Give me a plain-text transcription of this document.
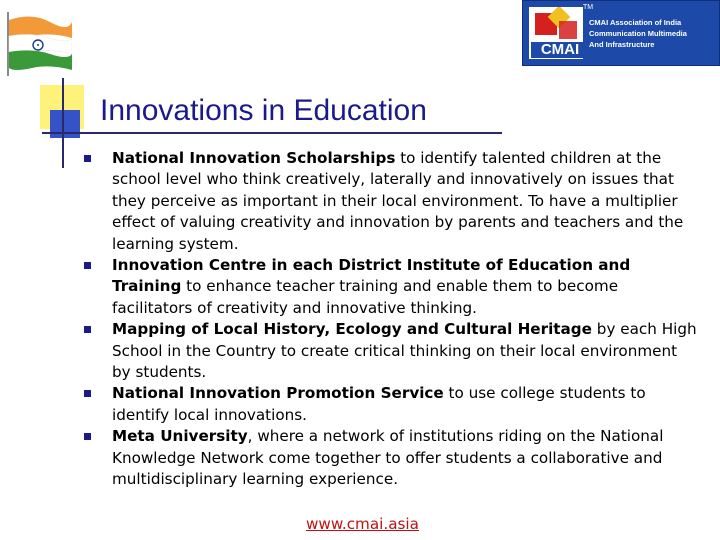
CMAI
TM
CMAI Association of India
Communication Multimedia
And Infrastructure
Innovations in Education
National Innovation Scholarships to identify talented children at the school level who think creatively, laterally and innovatively on issues that they perceive as important in their local environment. To have a multiplier effect of valuing creativity and innovation by parents and teachers and the learning system.
Innovation Centre in each District Institute of Education and Training to enhance teacher training and enable them to become facilitators of creativity and innovative thinking.
Mapping of Local History, Ecology and Cultural Heritage by each High School in the Country to create critical thinking on their local environment by students.
National Innovation Promotion Service to use college students to identify local innovations.
Meta University, where a network of institutions riding on the National Knowledge Network come together to offer students a collaborative and multidisciplinary learning experience.
www.cmai.asia
